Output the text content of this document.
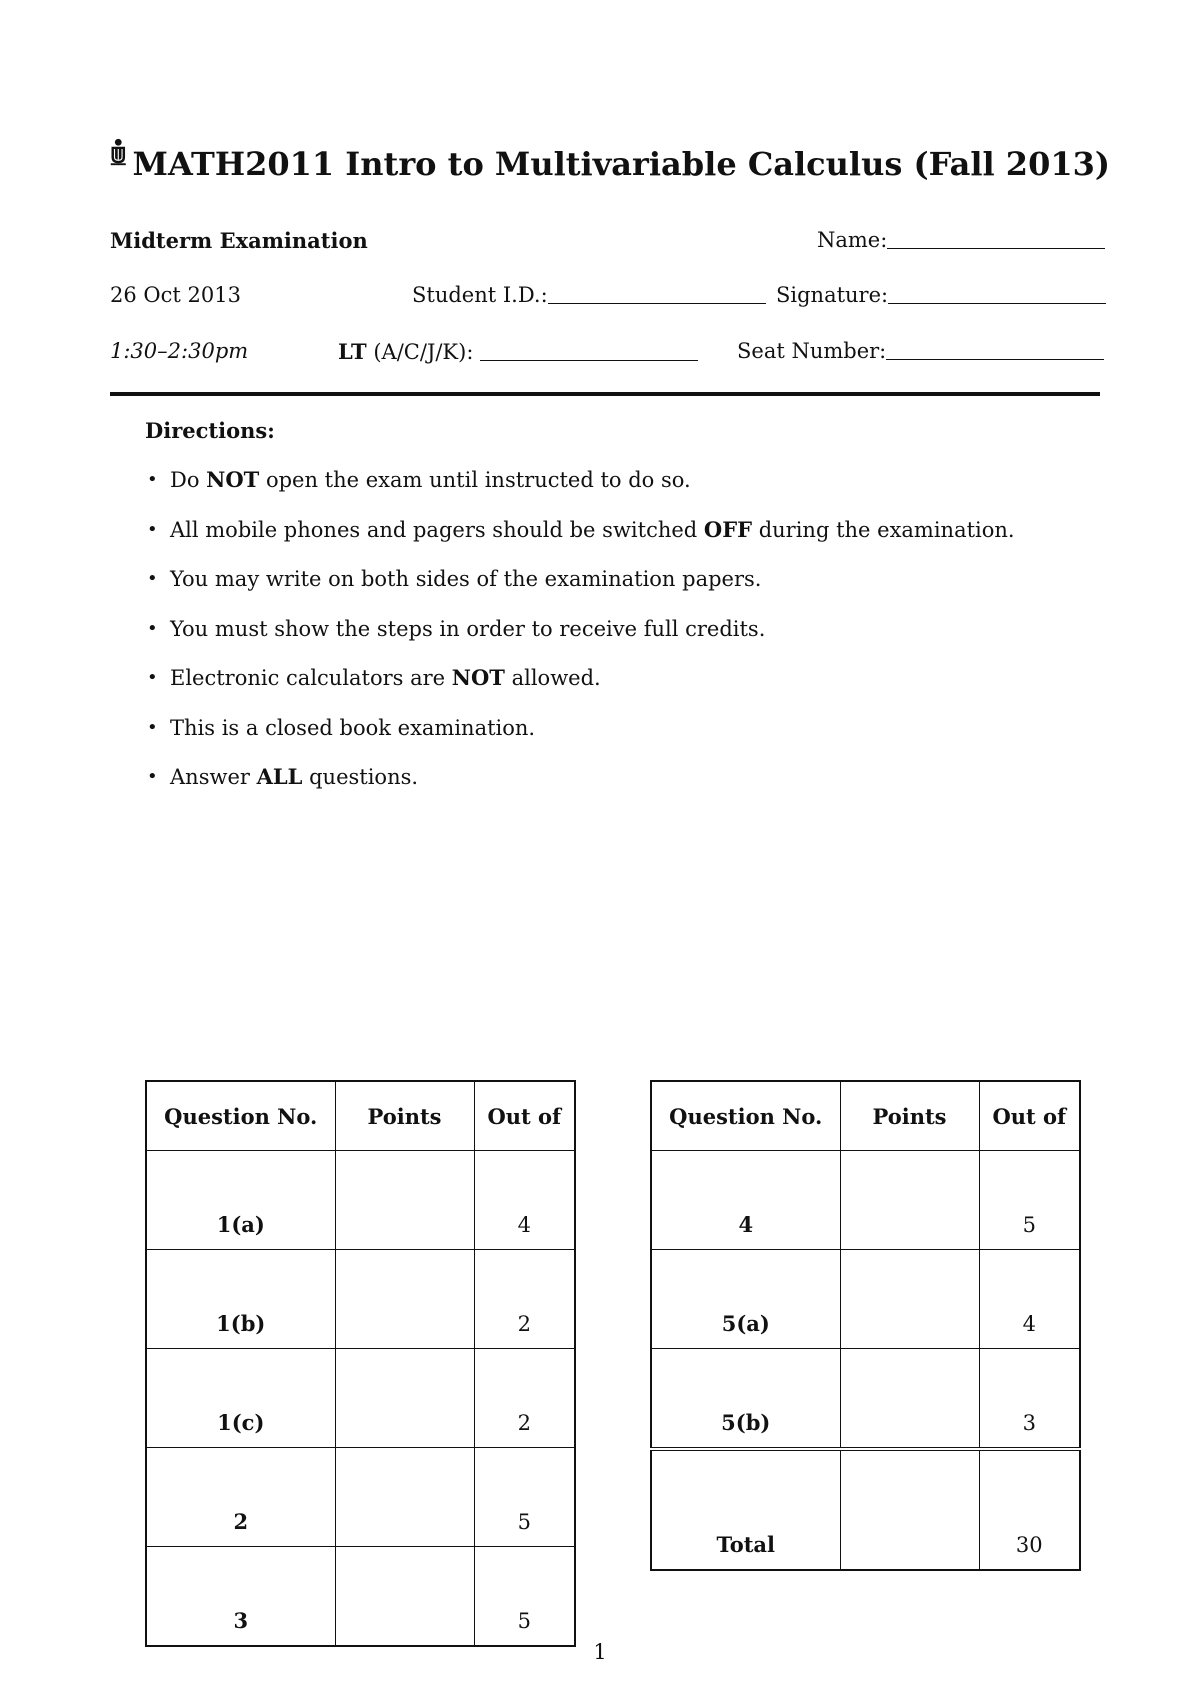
MATH2011 Intro to Multivariable Calculus (Fall 2013)
Midterm Examination	Name:
26 Oct 2013	Student I.D.:	Signature:
1:30–2:30pm	LT (A/C/J/K):	Seat Number:
Directions:
• Do NOT open the exam until instructed to do so.
• All mobile phones and pagers should be switched OFF during the examination.
• You may write on both sides of the examination papers.
• You must show the steps in order to receive full credits.
• Electronic calculators are NOT allowed.
• This is a closed book examination.
• Answer ALL questions.
Question No.	Points	Out of
1(a)		4
1(b)		2
1(c)		2
2		5
3		5
Question No.	Points	Out of
4		5
5(a)		4
5(b)		3
Total		30
1
